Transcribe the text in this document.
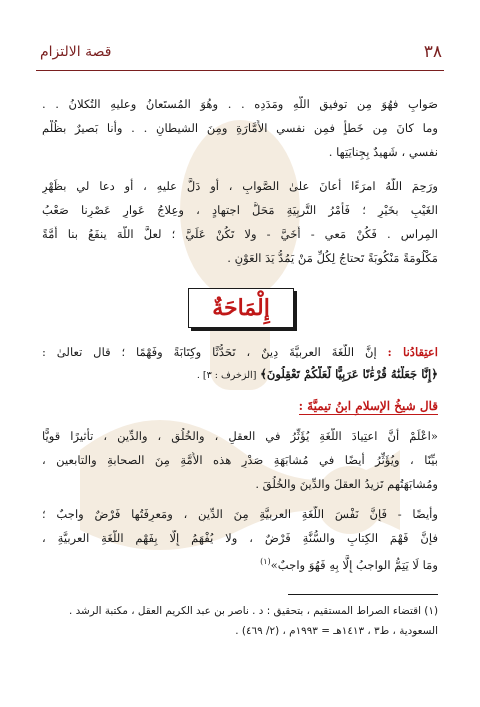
٣٨
قصة الالتزام
صَوابٍ فهُوَ مِن توفيقِ اللَّهِ ومَدَدِه . . وهُوَ المُستَعانُ وعليهِ التُكلانُ . .
وما كانَ مِن خَطأٍ فمِن نفسي الأَمَّارَةِ ومِنَ الشيطانِ . . وأنا بَصيرٌ بظُلْمِ
نفسي ، شَهيدٌ بِجِنايَتِها .
ورَحِمَ اللَّهُ امرَءًا أعانَ علىٰ الصَّوابِ ، أو دَلَّ عليهِ ، أو دعا لي بظَهْرِ
الغَيْبِ بخَيْرٍ ؛ فَأَمْرُ التَّربِيَةِ مَحَلُّ اجتهادٍ ، وعِلاجُ عَوارٍ عَصْرِنا صَعْبُ
المِراسِ . فَكُنْ مَعي - أُخَيَّ - ولا تَكُنْ عَلَيَّ ؛ لعلَّ اللَّهَ ينفَعُ بنا أُمَّةً
مَكْلُومَةً مَنْكُوبَةً تَحتاجُ لِكُلِّ مَنْ يَمُدُّ يَدَ العَوْنِ .
إِلْمَاحَةٌ
اعتِقادُنا : إنَّ اللُّغَةَ العربيَّةَ دِينٌ ، تَحَدُّثًا وكِتَابَةً وفَهْمًا ؛ قال تعالىٰ :
﴿إِنَّا جَعَلْنَٰهُ قُرْءَٰنًا عَرَبِيًّا لَّعَلَّكُمْ تَعْقِلُونَ﴾ [الزخرف : ٣] .
قال شيخُ الإسلامِ ابنُ تيميَّةَ :
«اعْلَمْ أنَّ اعتِيادَ اللُّغَةِ يُؤَثِّرُ في العقلِ ، والخُلُقِ ، والدِّينِ ، تأثيرًا قويًّا
بيِّنًا ، ويُؤَثِّرُ أيضًا في مُشابَهَةِ صَدْرِ هذه الأُمَّةِ مِنَ الصحابةِ والتابعين ،
ومُشابَهَتُهم تَزيدُ العقلَ والدِّينَ والخُلُقَ .
وأيضًا - فَإِنَّ نَفْسَ اللُّغَةِ العربيَّةِ مِنَ الدِّينِ ، ومَعرِفَتُها فَرْضٌ واجبٌ ؛
فإنَّ فَهْمَ الكِتابِ والسُّنَّةِ فَرْضٌ ، ولا يُفْهَمُ إِلَّا بِفَهْمِ اللُّغَةِ العربيَّةِ ،
ومَا لَا يَتِمُّ الواجبُ إِلَّا بِهِ فَهُوَ واجبٌ»$^{(١)}$
(١) اقتضاء الصراط المستقيم ، بتحقيق : د . ناصر بن عبد الكريم العقل ، مكتبة الرشد .
السعودية ، ط٣ ، ١٤١٣هـ = ١٩٩٣م ، (٢/ ٤٦٩) .
